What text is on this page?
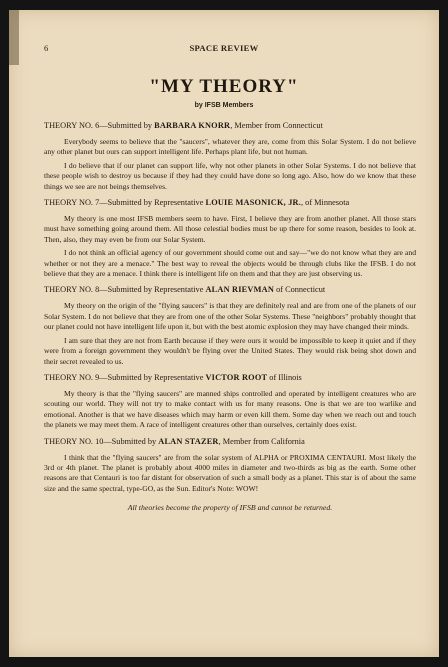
6	SPACE REVIEW
"MY THEORY"
by IFSB Members
THEORY NO. 6—Submitted by BARBARA KNORR, Member from Connecticut

Everybody seems to believe that the "saucers", whatever they are, come from this Solar System. I do not believe any other planet but ours can support intelligent life. Perhaps plant life, but not human.

I do believe that if our planet can support life, why not other planets in other Solar Systems. I do not believe that these people wish to destroy us because if they had they could have done so long ago. Also, how do we know that these things we see are not beings themselves.

THEORY NO. 7—Submitted by Representative LOUIE MASONICK, JR., of Minnesota

My theory is one most IFSB members seem to have. First, I believe they are from another planet. All those stars must have something going around them. All those celestial bodies must be up there for some reason, besides to look at. Then, also, they may even be from our Solar System.

I do not think an official agency of our government should come out and say—"we do not know what they are and whether or not they are a menace." The best way to reveal the objects would be through clubs like the IFSB. I do not believe that they are a menace. I think there is intelligent life on them and that they are just observing us.

THEORY NO. 8—Submitted by Representative ALAN RIEVMAN of Connecticut

My theory on the origin of the "flying saucers" is that they are definitely real and are from one of the planets of our Solar System. I do not believe that they are from one of the other Solar Systems. These "neighbors" probably thought that our planet could not have intelligent life upon it, but with the best atomic explosion they may have changed their minds.

I am sure that they are not from Earth because if they were ours it would be impossible to keep it quiet and if they were from a foreign government they wouldn't be flying over the United States. They would risk being shot down and their secret revealed to us.

THEORY NO. 9—Submitted by Representative VICTOR ROOT of Illinois

My theory is that the "flying saucers" are manned ships controlled and operated by intelligent creatures who are scouting our world. They will not try to make contact with us for many reasons. One is that we are too warlike and emotional. Another is that we have diseases which may harm or even kill them. Some day when we reach out and touch the planets we may meet them. A race of intelligent creatures other than ourselves, certainly does exist.

THEORY NO. 10—Submitted by ALAN STAZER, Member from California

I think that the "flying saucers" are from the solar system of ALPHA or PROXIMA CENTAURI. Most likely the 3rd or 4th planet. The planet is probably about 4000 miles in diameter and two-thirds as big as the earth. Some other reasons are that Centauri is too far distant for observation of such a small body as a planet. This star is of about the same size and the same spectral, type-GO, as the Sun. Editor's Note: WOW!

All theories become the property of IFSB and cannot be returned.
